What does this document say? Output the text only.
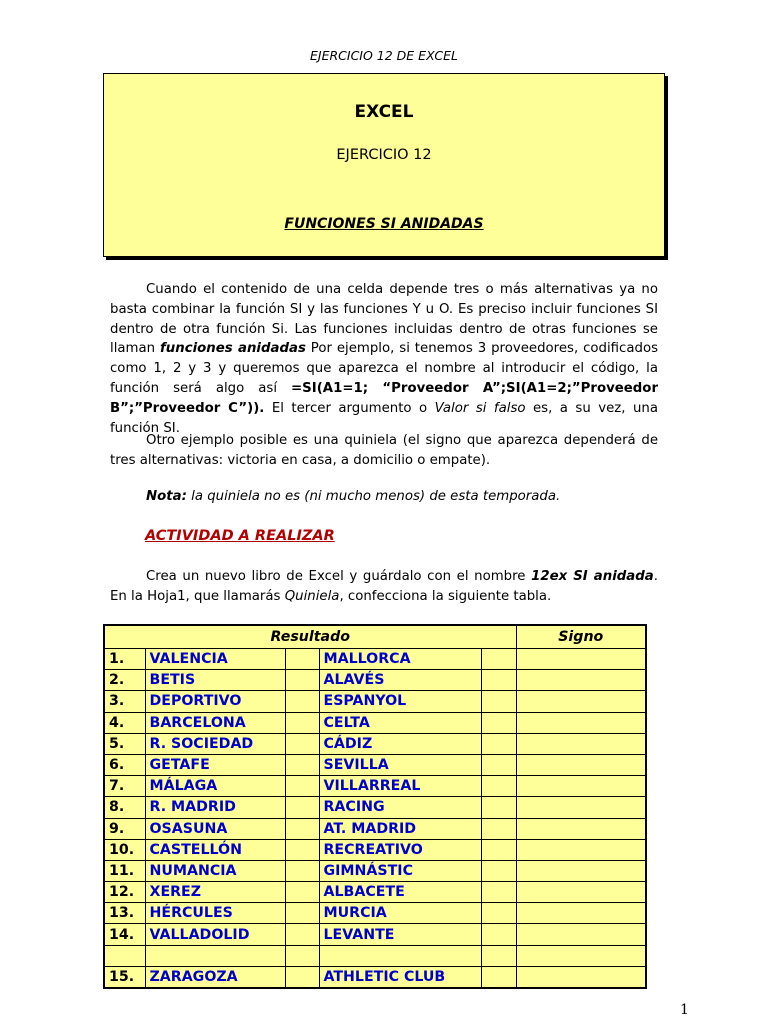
EJERCICIO 12 DE EXCEL
EXCEL
EJERCICIO 12
FUNCIONES SI ANIDADAS
Cuando el contenido de una celda depende tres o más alternativas ya no basta combinar la función SI y las funciones Y u O. Es preciso incluir funciones SI dentro de otra función Si. Las funciones incluidas dentro de otras funciones se llaman funciones anidadas Por ejemplo, si tenemos 3 proveedores, codificados como 1, 2 y 3 y queremos que aparezca el nombre al introducir el código, la función será algo así =SI(A1=1; “Proveedor A”;SI(A1=2;”Proveedor B”;”Proveedor C”)). El tercer argumento o Valor si falso es, a su vez, una función SI.
Otro ejemplo posible es una quiniela (el signo que aparezca dependerá de tres alternativas: victoria en casa, a domicilio o empate).
Nota: la quiniela no es (ni mucho menos) de esta temporada.
ACTIVIDAD A REALIZAR
Crea un nuevo libro de Excel y guárdalo con el nombre 12ex SI anidada. En la Hoja1, que llamarás Quiniela, confecciona la siguiente tabla.
Resultado					Signo
1.	VALENCIA		MALLORCA		
2.	BETIS		ALAVÉS		
3.	DEPORTIVO		ESPANYOL		
4.	BARCELONA		CELTA		
5.	R. SOCIEDAD		CÁDIZ		
6.	GETAFE		SEVILLA		
7.	MÁLAGA		VILLARREAL		
8.	R. MADRID		RACING		
9.	OSASUNA		AT. MADRID		
10.	CASTELLÓN		RECREATIVO		
11.	NUMANCIA		GIMNÁSTIC		
12.	XEREZ		ALBACETE		
13.	HÉRCULES		MURCIA		
14.	VALLADOLID		LEVANTE		

15.	ZARAGOZA		ATHLETIC CLUB		
1
